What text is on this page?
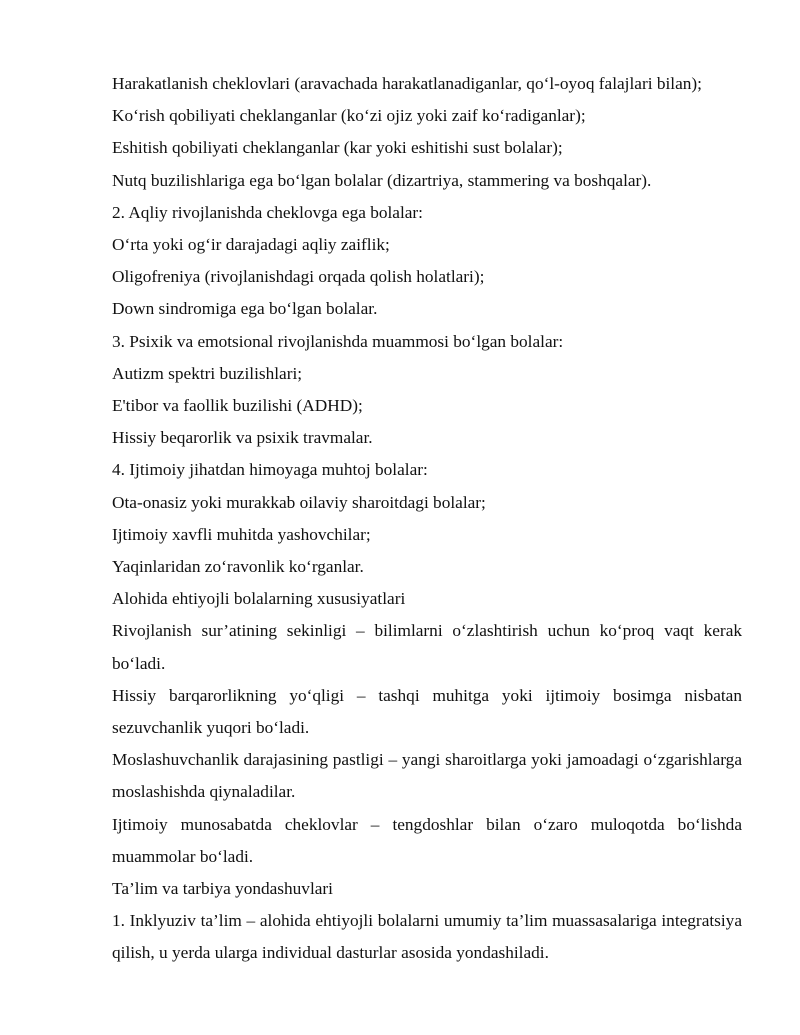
Harakatlanish cheklovlari (aravachada harakatlanadiganlar, qo‘l-oyoq falajlari bilan);

Ko‘rish qobiliyati cheklanganlar (ko‘zi ojiz yoki zaif ko‘radiganlar);

Eshitish qobiliyati cheklanganlar (kar yoki eshitishi sust bolalar);

Nutq buzilishlariga ega bo‘lgan bolalar (dizartriya, stammering va boshqalar).

2. Aqliy rivojlanishda cheklovga ega bolalar:

O‘rta yoki og‘ir darajadagi aqliy zaiflik;

Oligofreniya (rivojlanishdagi orqada qolish holatlari);

Down sindromiga ega bo‘lgan bolalar.

3. Psixik va emotsional rivojlanishda muammosi bo‘lgan bolalar:

Autizm spektri buzilishlari;

E'tibor va faollik buzilishi (ADHD);

Hissiy beqarorlik va psixik travmalar.

4. Ijtimoiy jihatdan himoyaga muhtoj bolalar:

Ota-onasiz yoki murakkab oilaviy sharoitdagi bolalar;

Ijtimoiy xavfli muhitda yashovchilar;

Yaqinlaridan zo‘ravonlik ko‘rganlar.

Alohida ehtiyojli bolalarning xususiyatlari

Rivojlanish sur’atining sekinligi – bilimlarni o‘zlashtirish uchun ko‘proq vaqt kerak bo‘ladi.

Hissiy barqarorlikning yo‘qligi – tashqi muhitga yoki ijtimoiy bosimga nisbatan sezuvchanlik yuqori bo‘ladi.

Moslashuvchanlik darajasining pastligi – yangi sharoitlarga yoki jamoadagi o‘zgarishlarga moslashishda qiynaladilar.

Ijtimoiy munosabatda cheklovlar – tengdoshlar bilan o‘zaro muloqotda bo‘lishda muammolar bo‘ladi.

Ta’lim va tarbiya yondashuvlari

1. Inklyuziv ta’lim – alohida ehtiyojli bolalarni umumiy ta’lim muassasalariga integratsiya qilish, u yerda ularga individual dasturlar asosida yondashiladi.
